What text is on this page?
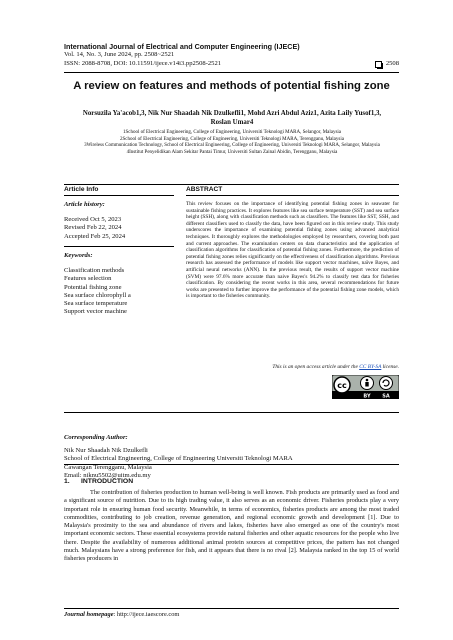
International Journal of Electrical and Computer Engineering (IJECE)
Vol. 14, No. 3, June 2024, pp. 2508~2521
ISSN: 2088-8708, DOI: 10.11591/ijece.v14i3.pp2508-2521	2508
A review on features and methods of potential fishing zone
Norsuzila Ya'acob1,3, Nik Nur Shaadah Nik Dzulkefli1, Mohd Azri Abdul Aziz1, Azita Laily Yusof1,3, Roslan Umar4
1School of Electrical Engineering, College of Engineering, Universiti Teknologi MARA, Selangor, Malaysia
2School of Electrical Engineering, College of Engineering, Universiti Teknologi MARA, Terengganu, Malaysia
3Wireless Communication Technology, School of Electrical Engineering, College of Engineering, Universiti Teknologi MARA, Selangor, Malaysia
4Institut Penyelidikan Alam Sekitar Pantai Timur, Universiti Sultan Zainal Abidin, Terengganu, Malaysia
Article Info	ABSTRACT
Article history:
Received Oct 5, 2023
Revised Feb 22, 2024
Accepted Feb 25, 2024
Keywords:
Classification methods
Features selection
Potential fishing zone
Sea surface chlorophyll a
Sea surface temperature
Support vector machine
This review focuses on the importance of identifying potential fishing zones in seawater for sustainable fishing practices. It explores features like sea surface temperature (SST) and sea surface height (SSH), along with classification methods such as classifiers. The features like SST, SSH, and different classifiers used to classify the data, have been figured out in this review study. This study underscores the importance of examining potential fishing zones using advanced analytical techniques. It thoroughly explores the methodologies employed by researchers, covering both past and current approaches. The examination centers on data characteristics and the application of classification algorithms for classification of potential fishing zones. Furthermore, the prediction of potential fishing zones relies significantly on the effectiveness of classification algorithms. Previous research has assessed the performance of models like support vector machines, naïve Bayes, and artificial neural networks (ANN). In the previous result, the results of support vector machine (SVM) were 97.6% more accurate than naive Bayes's 94.2% to classify test data for fisheries classification. By considering the recent works in this area, several recommendations for future works are presented to further improve the performance of the potential fishing zone models, which is important to the fisheries community.
This is an open access article under the CC BY-SA license.
cc
BY SA
Corresponding Author:
Nik Nur Shaadah Nik Dzulkefli
School of Electrical Engineering, College of Engineering Universiti Teknologi MARA
Cawangan Terengganu, Malaysia
Email: niknu5502@uitm.edu.my
1.      INTRODUCTION
The contribution of fisheries production to human well-being is well known. Fish products are primarily used as food and a significant source of nutrition. Due to its high trading value, it also serves as an economic driver. Fisheries products play a very important role in ensuring human food security. Meanwhile, in terms of economics, fisheries products are among the most traded commodities, contributing to job creation, revenue generation, and regional economic growth and development [1]. Due to Malaysia's proximity to the sea and abundance of rivers and lakes, fisheries have also emerged as one of the country's most important economic sectors. These essential ecosystems provide natural fisheries and other aquatic resources for the people who live there. Despite the availability of numerous additional animal protein sources at competitive prices, the pattern has not changed much. Malaysians have a strong preference for fish, and it appears that there is no rival [2]. Malaysia ranked in the top 15 of world fisheries producers in
Journal homepage: http://ijece.iaescore.com
